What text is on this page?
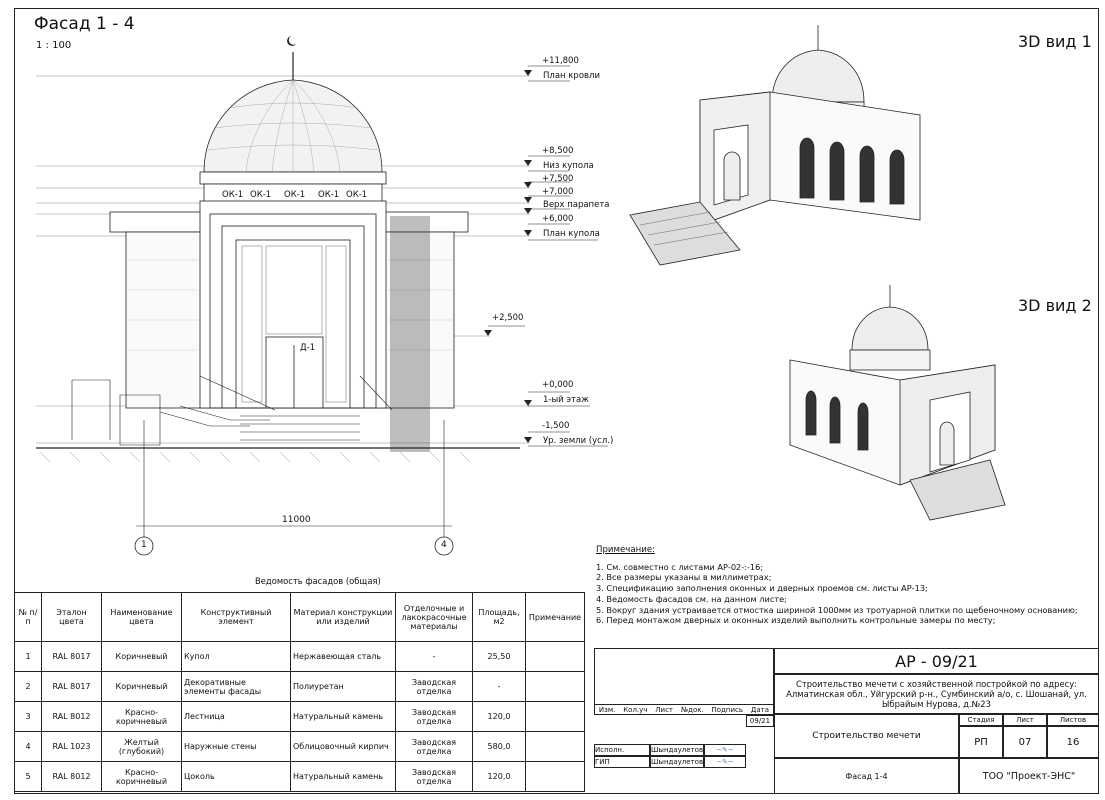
Фасад 1 - 4
1 : 100
ОК-1 ОК-1 ОК-1 ОК-1 ОК-1
Д-1
11000
1	4
+11,800
План кровли
+8,500
Низ купола
+7,500
+7,000
Верх парапета
+6,000
План купола
+2,500
+0,000
1-ый этаж
-1,500
Ур. земли (усл.)
3D вид 1
3D вид 2
Примечание:
1. См. совместно с листами АР-02-:-16;
2. Все размеры указаны в миллиметрах;
3. Спецификацию заполнения оконных и дверных проемов см. листы АР-13;
4. Ведомость фасадов см. на данном листе;
5. Вокруг здания устраивается отмостка шириной 1000мм из тротуарной плитки по щебеночному основанию;
6. Перед монтажом дверных и оконных изделий выполнить контрольные замеры по месту;
Ведомость фасадов (общая)
№ п/п	Эталон цвета	Наименование цвета	Конструктивный элемент	Материал конструкции или изделий	Отделочные и лакокрасочные материалы	Площадь, м2	Примечание
1	RAL 8017	Коричневый	Купол	Нержавеющая сталь	-	25,50	
2	RAL 8017	Коричневый	Декоративные элементы фасады	Полиуретан	Заводская отделка	-	
3	RAL 8012	Красно-коричневый	Лестница	Натуральный камень	Заводская отделка	120,0	
4	RAL 1023	Желтый (глубокий)	Наружные стены	Облицовочный кирпич	Заводская отделка	580,0	
5	RAL 8012	Красно-коричневый	Цоколь	Натуральный камень	Заводская отделка	120,0	
Изм. Кол.уч Лист №док. Подпись Дата
09/21
Исполн.	Шындаулетов	~✎~
ГИП	Шындаулетов	~✎~
АР - 09/21
Строительство мечети с хозяйственной постройкой по адресу: Алматинская обл., Уйгурский р-н., Сумбинский а/о, с. Шошанай, ул. Ыбрайым Нурова, д.№23
Строительство мечети
Стадия	Лист	Листов
РП	07	16
Фасад 1-4	ТОО "Проект-ЭНС"
